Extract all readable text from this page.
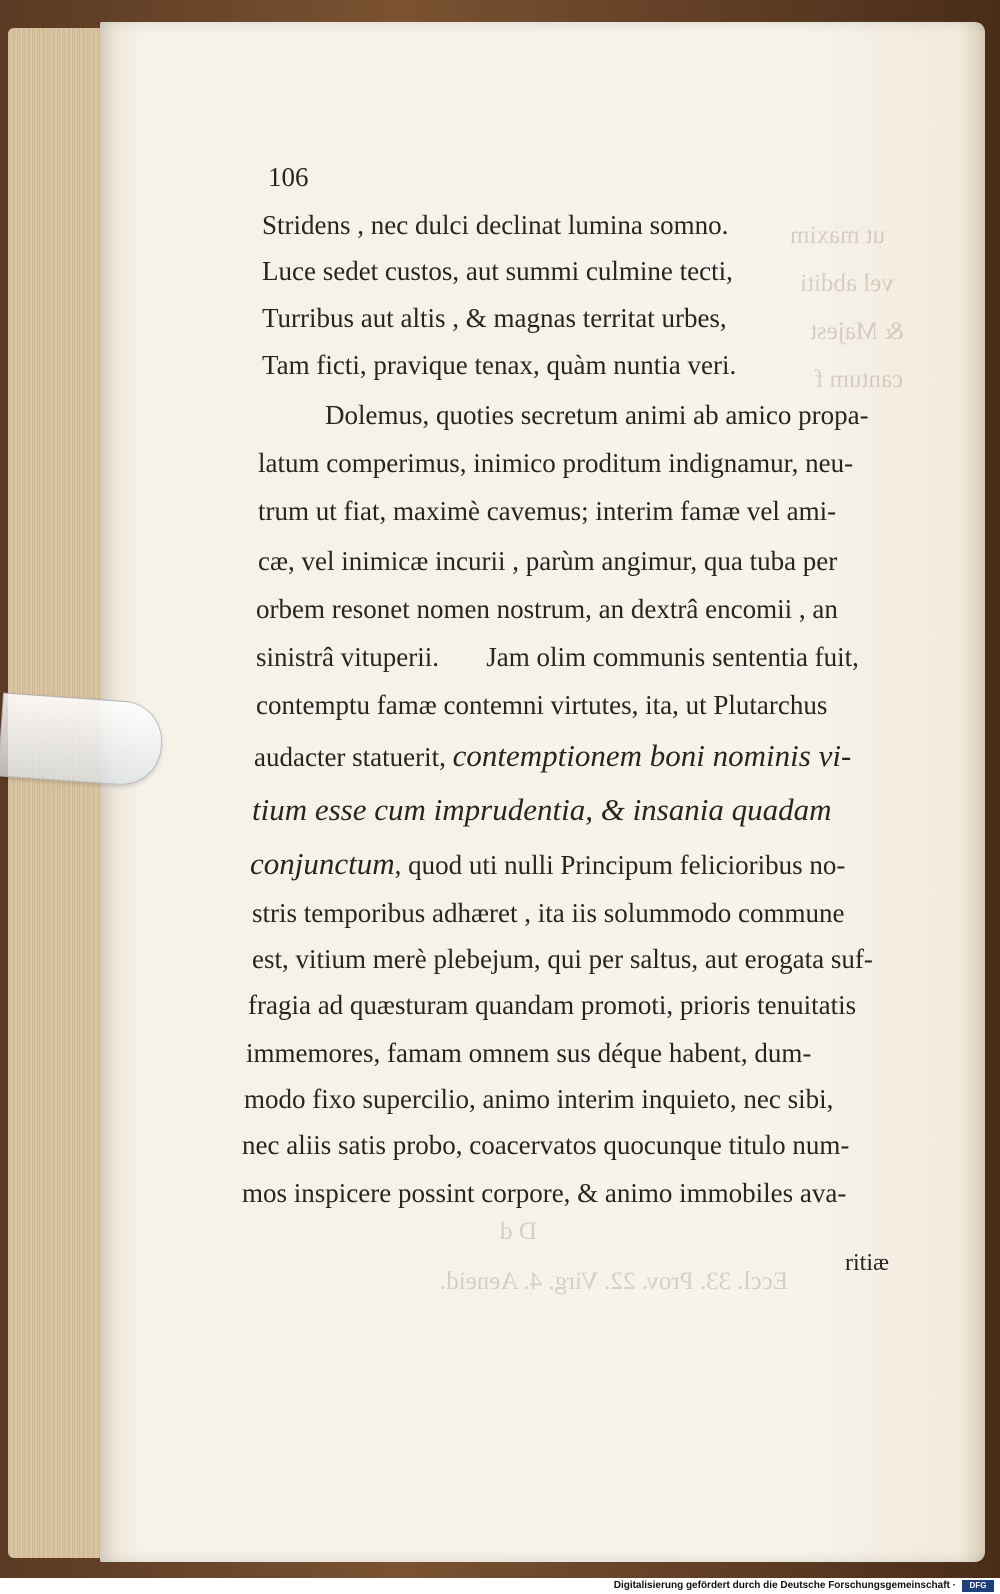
ut maxim
vel abditi
& Majest
cantum f
Eccl. 33. Prov. 22. Virg. 4. Aeneid.
D d
106
Stridens , nec dulci declinat lumina somno.
Luce sedet custos, aut summi culmine tecti,
Turribus aut altis , & magnas territat urbes,
Tam ficti, pravique tenax, quàm nuntia veri.
Dolemus, quoties secretum animi ab amico propa-
latum comperimus, inimico proditum indignamur, neu-
trum ut fiat, maximè cavemus; interim famæ vel ami-
cæ, vel inimicæ incurii , parùm angimur, qua tuba per
orbem resonet nomen nostrum, an dextrâ encomii , an
sinistrâ vituperii.       Jam olim communis sententia fuit,
contemptu famæ contemni virtutes, ita, ut Plutarchus
audacter statuerit, contemptionem boni nominis vi-
tium esse cum imprudentia, & insania quadam
conjunctum, quod uti nulli Principum felicioribus no-
stris temporibus adhæret , ita iis solummodo commune
est, vitium merè plebejum, qui per saltus, aut erogata suf-
fragia ad quæsturam quandam promoti, prioris tenuitatis
immemores, famam omnem sus déque habent, dum-
modo fixo supercilio, animo interim inquieto, nec sibi,
nec aliis satis probo, coacervatos quocunque titulo num-
mos inspicere possint corpore, & animo immobiles ava-
ritiæ
Digitalisierung gefördert durch die Deutsche Forschungsgemeinschaft ·	DFG
